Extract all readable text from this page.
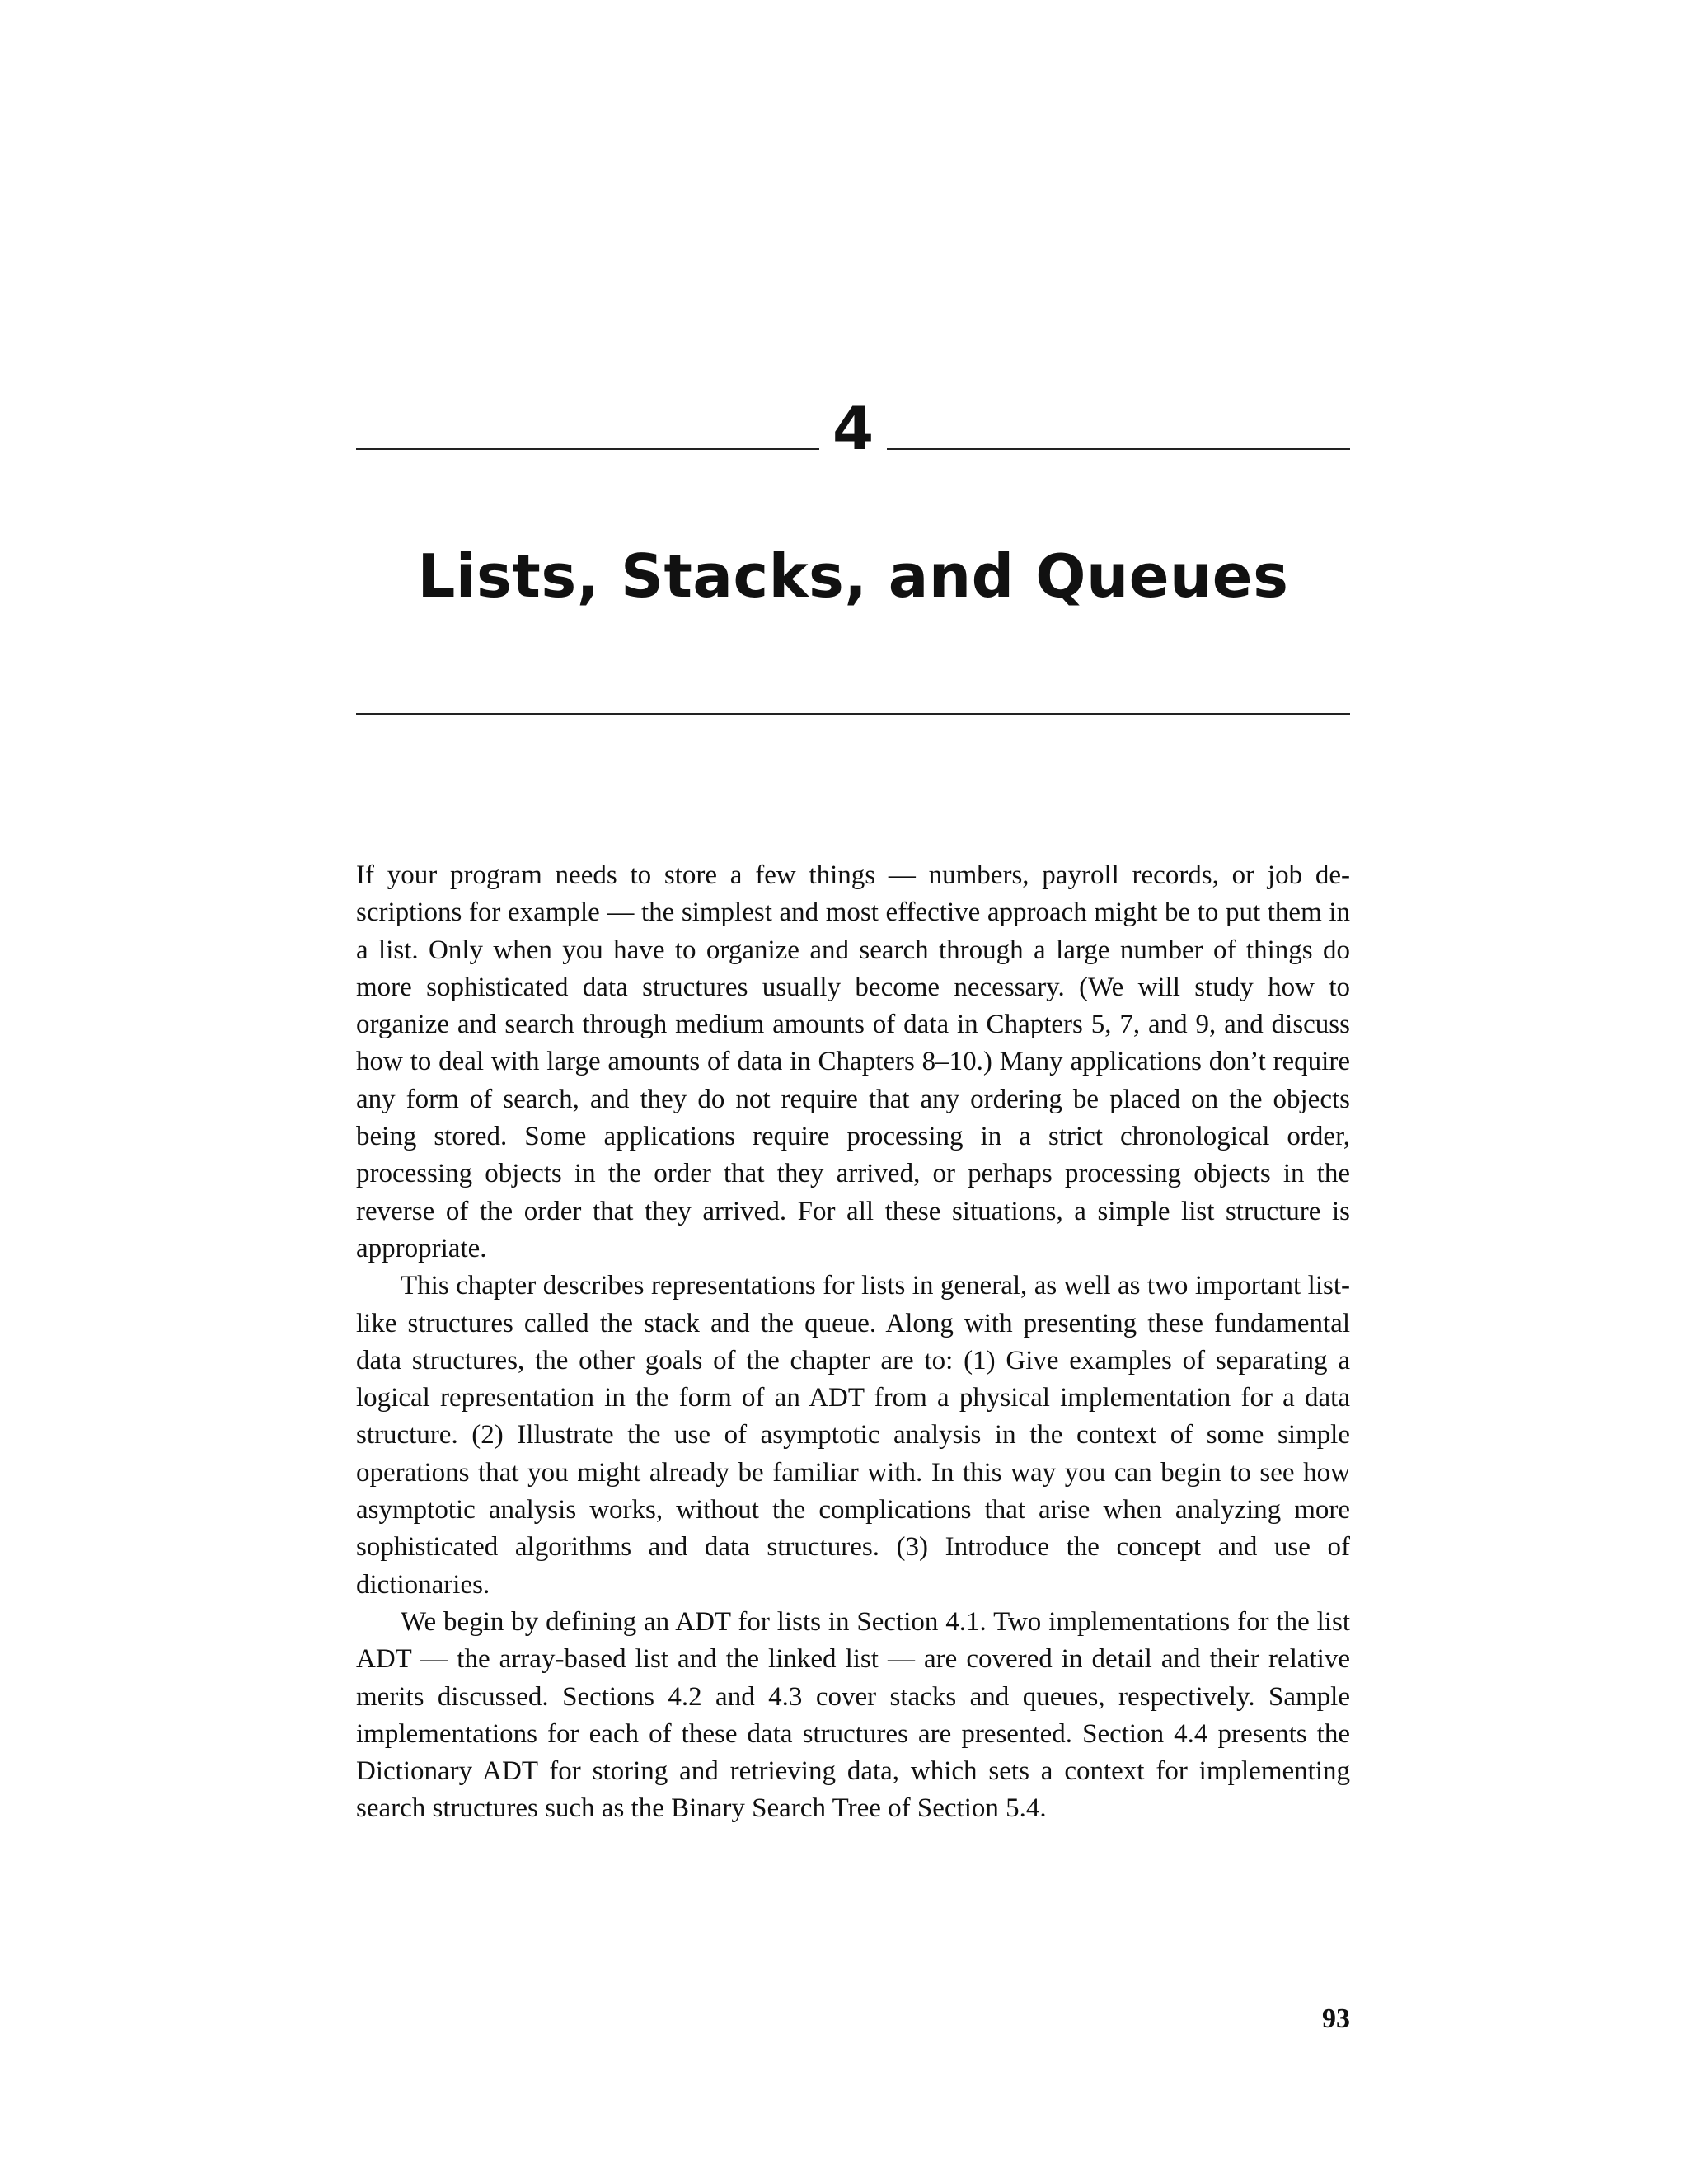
4
Lists, Stacks, and Queues

If your program needs to store a few things — numbers, payroll records, or job descriptions for example — the simplest and most effective approach might be to put them in a list. Only when you have to organize and search through a large number of things do more sophisticated data structures usually become necessary. (We will study how to organize and search through medium amounts of data in Chapters 5, 7, and 9, and discuss how to deal with large amounts of data in Chapters 8–10.) Many applications don’t require any form of search, and they do not require that any ordering be placed on the objects being stored. Some applications require processing in a strict chronological order, processing objects in the order that they arrived, or perhaps processing objects in the reverse of the order that they arrived. For all these situations, a simple list structure is appropriate.

This chapter describes representations for lists in general, as well as two important list-like structures called the stack and the queue. Along with presenting these fundamental data structures, the other goals of the chapter are to: (1) Give examples of separating a logical representation in the form of an ADT from a physical implementation for a data structure. (2) Illustrate the use of asymptotic analysis in the context of some simple operations that you might already be familiar with. In this way you can begin to see how asymptotic analysis works, without the complications that arise when analyzing more sophisticated algorithms and data structures. (3) Introduce the concept and use of dictionaries.

We begin by defining an ADT for lists in Section 4.1. Two implementations for the list ADT — the array-based list and the linked list — are covered in detail and their relative merits discussed. Sections 4.2 and 4.3 cover stacks and queues, respectively. Sample implementations for each of these data structures are presented. Section 4.4 presents the Dictionary ADT for storing and retrieving data, which sets a context for implementing search structures such as the Binary Search Tree of Section 5.4.

93
